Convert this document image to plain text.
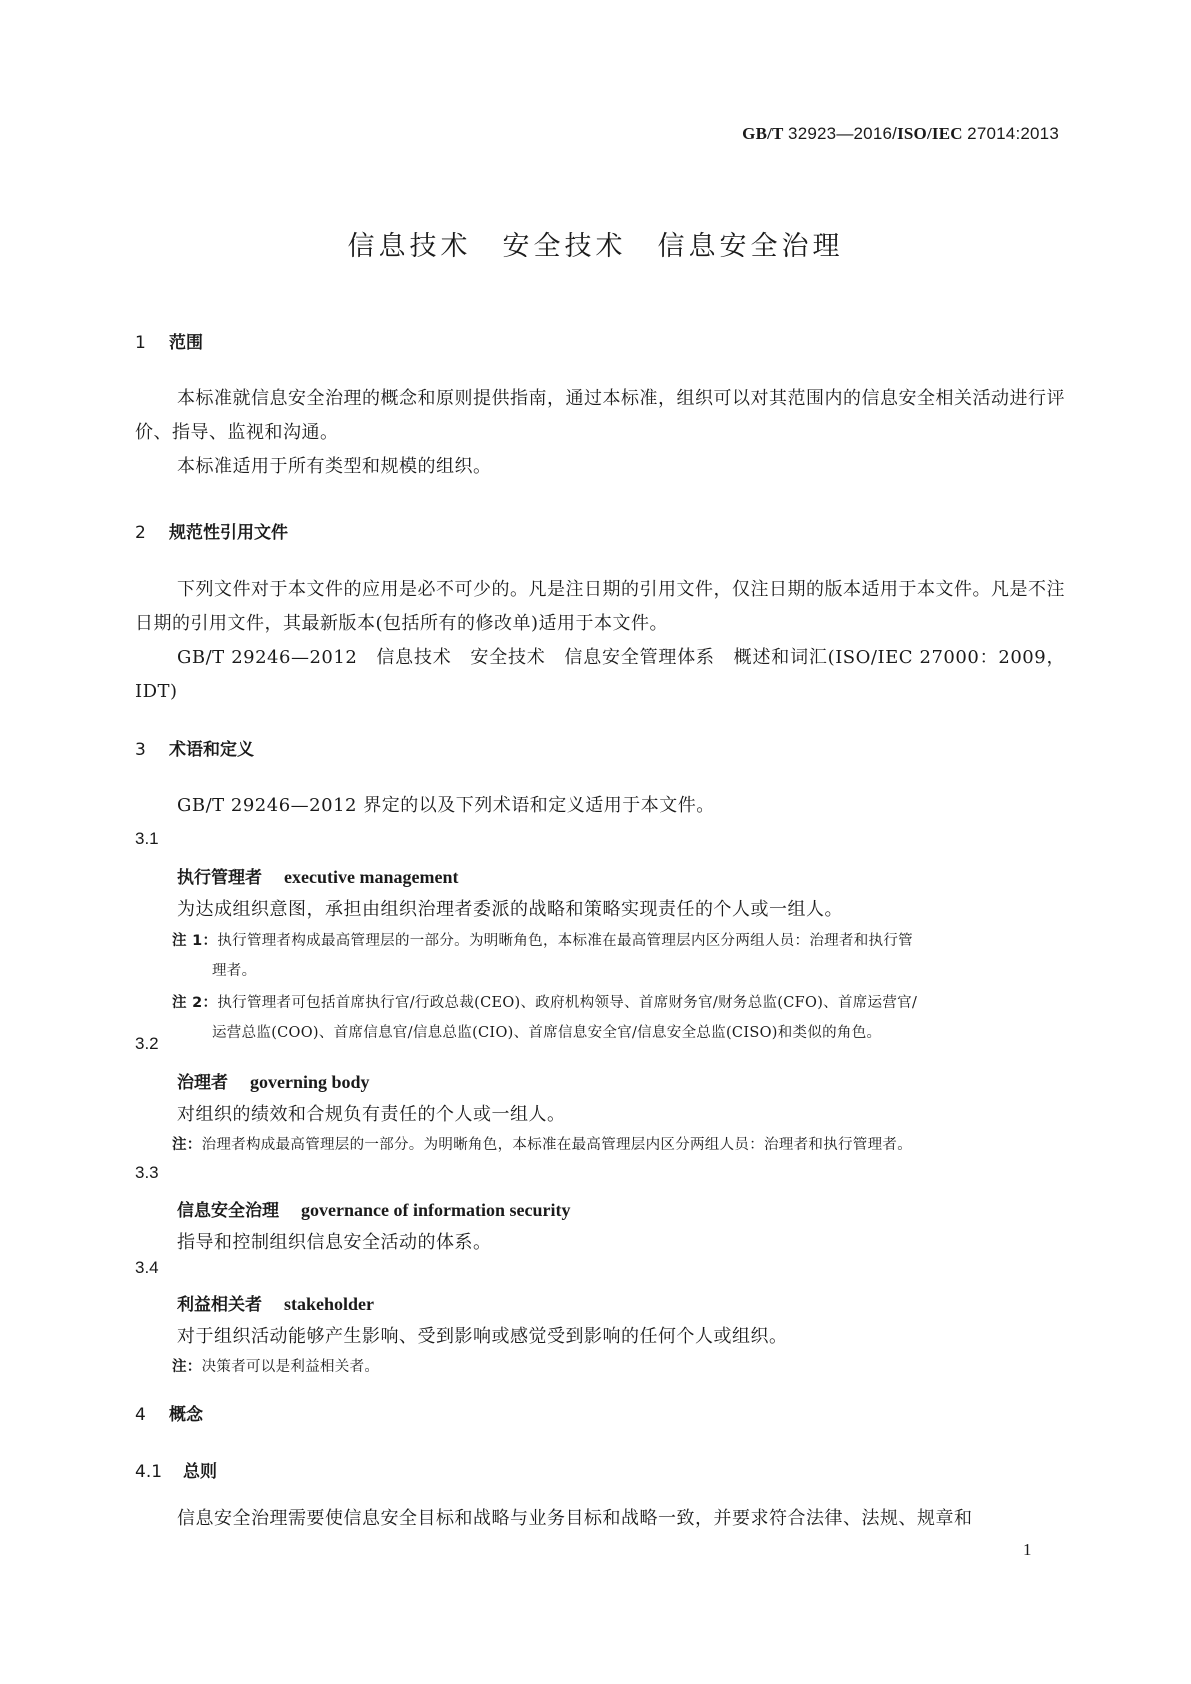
GB/T 32923—2016/ISO/IEC 27014:2013
信息技术　安全技术　信息安全治理
1 范围
本标准就信息安全治理的概念和原则提供指南，通过本标准，组织可以对其范围内的信息安全相关活动进行评价、指导、监视和沟通。
本标准适用于所有类型和规模的组织。
2 规范性引用文件
下列文件对于本文件的应用是必不可少的。凡是注日期的引用文件，仅注日期的版本适用于本文件。凡是不注日期的引用文件，其最新版本(包括所有的修改单)适用于本文件。
GB/T 29246—2012　信息技术　安全技术　信息安全管理体系　概述和词汇(ISO/IEC 27000：2009，IDT)
3 术语和定义
GB/T 29246—2012 界定的以及下列术语和定义适用于本文件。
3.1
执行管理者 executive management
为达成组织意图，承担由组织治理者委派的战略和策略实现责任的个人或一组人。
注 1：执行管理者构成最高管理层的一部分。为明晰角色，本标准在最高管理层内区分两组人员：治理者和执行管
理者。
注 2：执行管理者可包括首席执行官/行政总裁(CEO)、政府机构领导、首席财务官/财务总监(CFO)、首席运营官/
运营总监(COO)、首席信息官/信息总监(CIO)、首席信息安全官/信息安全总监(CISO)和类似的角色。
3.2
治理者 governing body
对组织的绩效和合规负有责任的个人或一组人。
注：治理者构成最高管理层的一部分。为明晰角色，本标准在最高管理层内区分两组人员：治理者和执行管理者。
3.3
信息安全治理 governance of information security
指导和控制组织信息安全活动的体系。
3.4
利益相关者 stakeholder
对于组织活动能够产生影响、受到影响或感觉受到影响的任何个人或组织。
注：决策者可以是利益相关者。
4 概念
4.1 总则
信息安全治理需要使信息安全目标和战略与业务目标和战略一致，并要求符合法律、法规、规章和
1
